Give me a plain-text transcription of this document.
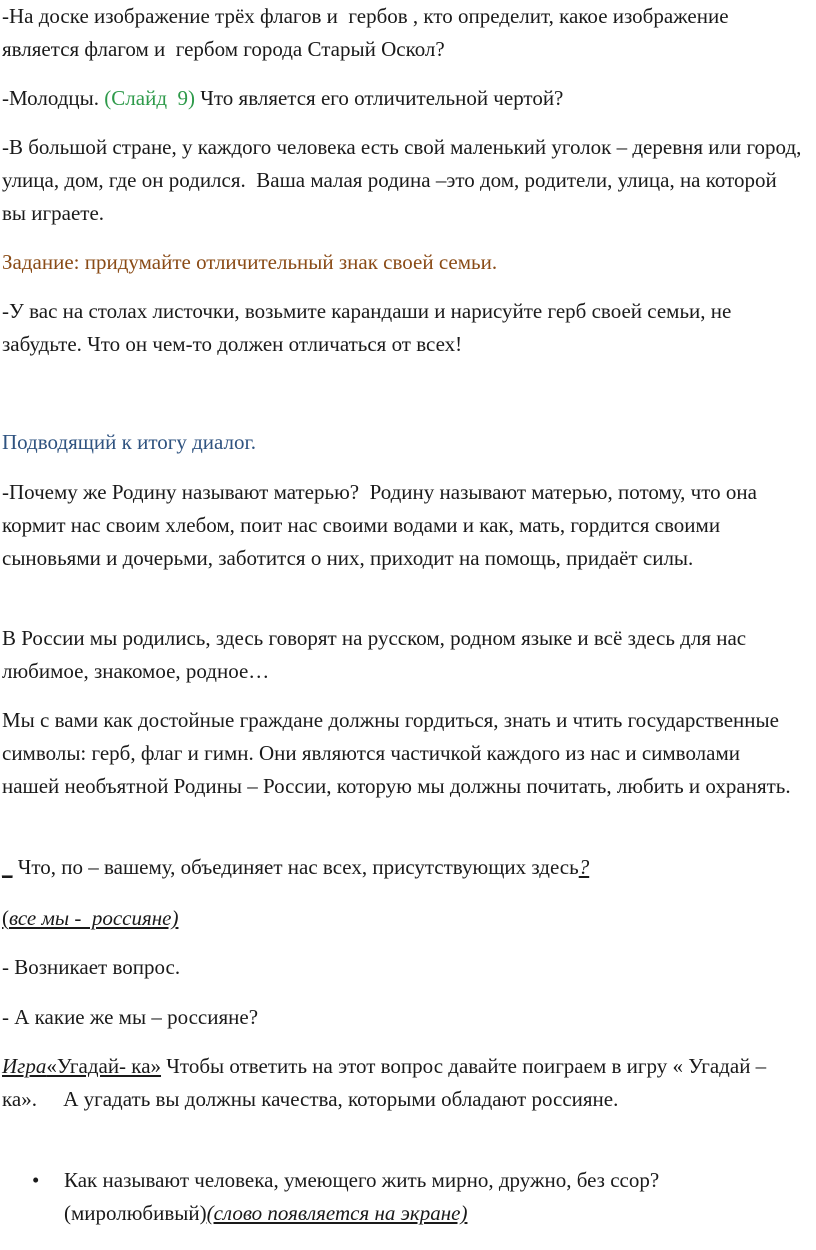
-На доске изображение трёх флагов и  гербов , кто определит, какое изображение является флагом и  гербом города Старый Оскол?

-Молодцы. (Слайд  9) Что является его отличительной чертой?

-В большой стране, у каждого человека есть свой маленький уголок – деревня или город, улица, дом, где он родился.  Ваша малая родина –это дом, родители, улица, на которой вы играете.

Задание: придумайте отличительный знак своей семьи.

-У вас на столах листочки, возьмите карандаши и нарисуйте герб своей семьи, не забудьте. Что он чем-то должен отличаться от всех!

Подводящий к итогу диалог.

-Почему же Родину называют матерью?  Родину называют матерью, потому, что она кормит нас своим хлебом, поит нас своими водами и как, мать, гордится своими сыновьями и дочерьми, заботится о них, приходит на помощь, придаёт силы.

В России мы родились, здесь говорят на русском, родном языке и всё здесь для нас любимое, знакомое, родное…

Мы с вами как достойные граждане должны гордиться, знать и чтить государственные символы: герб, флаг и гимн. Они являются частичкой каждого из нас и символами нашей необъятной Родины – России, которую мы должны почитать, любить и охранять.

_ Что, по – вашему, объединяет нас всех, присутствующих здесь?

(все мы -  россияне)

- Возникает вопрос.

- А какие же мы – россияне?

Игра«Угадай- ка» Чтобы ответить на этот вопрос давайте поиграем в игру « Угадай – ка».     А угадать вы должны качества, которыми обладают россияне.

• Как называют человека, умеющего жить мирно, дружно, без ссор? (миролюбивый)(слово появляется на экране)
